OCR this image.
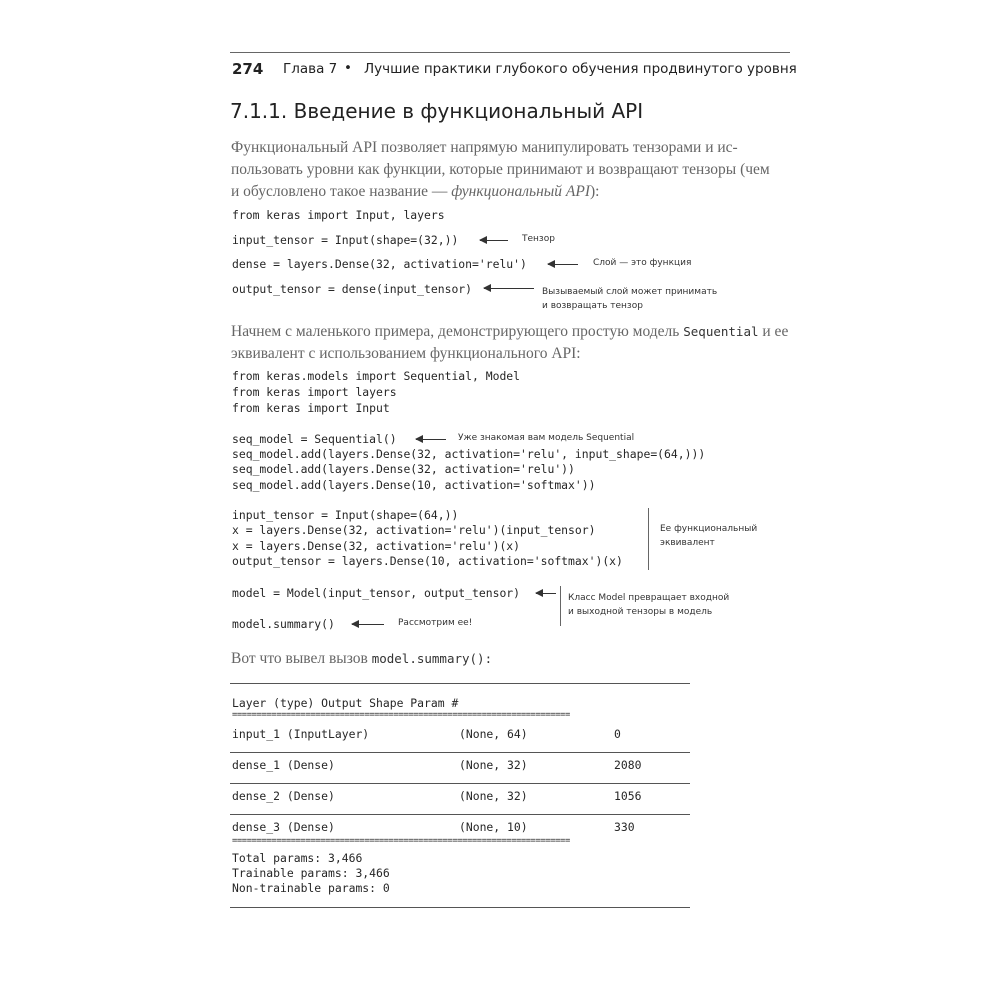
274 Глава 7 • Лучшие практики глубокого обучения продвинутого уровня
7.1.1. Введение в функциональный API
Функциональный API позволяет напрямую манипулировать тензорами и ис-
пользовать уровни как функции, которые принимают и возвращают тензоры (чем
и обусловлено такое название — функциональный API):
from keras import Input, layers
input_tensor = Input(shape=(32,))
dense = layers.Dense(32, activation='relu')
output_tensor = dense(input_tensor)
Тензор
Слой — это функция
Вызываемый слой может принимать
и возвращать тензор
Начнем с маленького примера, демонстрирующего простую модель Sequential и ее
эквивалент с использованием функционального API:
from keras.models import Sequential, Model
from keras import layers
from keras import Input
seq_model = Sequential()
seq_model.add(layers.Dense(32, activation='relu', input_shape=(64,)))
seq_model.add(layers.Dense(32, activation='relu'))
seq_model.add(layers.Dense(10, activation='softmax'))
Уже знакомая вам модель Sequential
input_tensor = Input(shape=(64,))
x = layers.Dense(32, activation='relu')(input_tensor)
x = layers.Dense(32, activation='relu')(x)
output_tensor = layers.Dense(10, activation='softmax')(x)
Ее функциональный
эквивалент
model = Model(input_tensor, output_tensor)
model.summary()
Класс Model превращает входной
и выходной тензоры в модель
Рассмотрим ее!
Вот что вывел вызов model.summary():
Layer (type) Output Shape Param #
=====================================================================
input_1 (InputLayer)	(None, 64)	0
dense_1 (Dense)	(None, 32)	2080
dense_2 (Dense)	(None, 32)	1056
dense_3 (Dense)	(None, 10)	330
=====================================================================
Total params: 3,466
Trainable params: 3,466
Non-trainable params: 0
